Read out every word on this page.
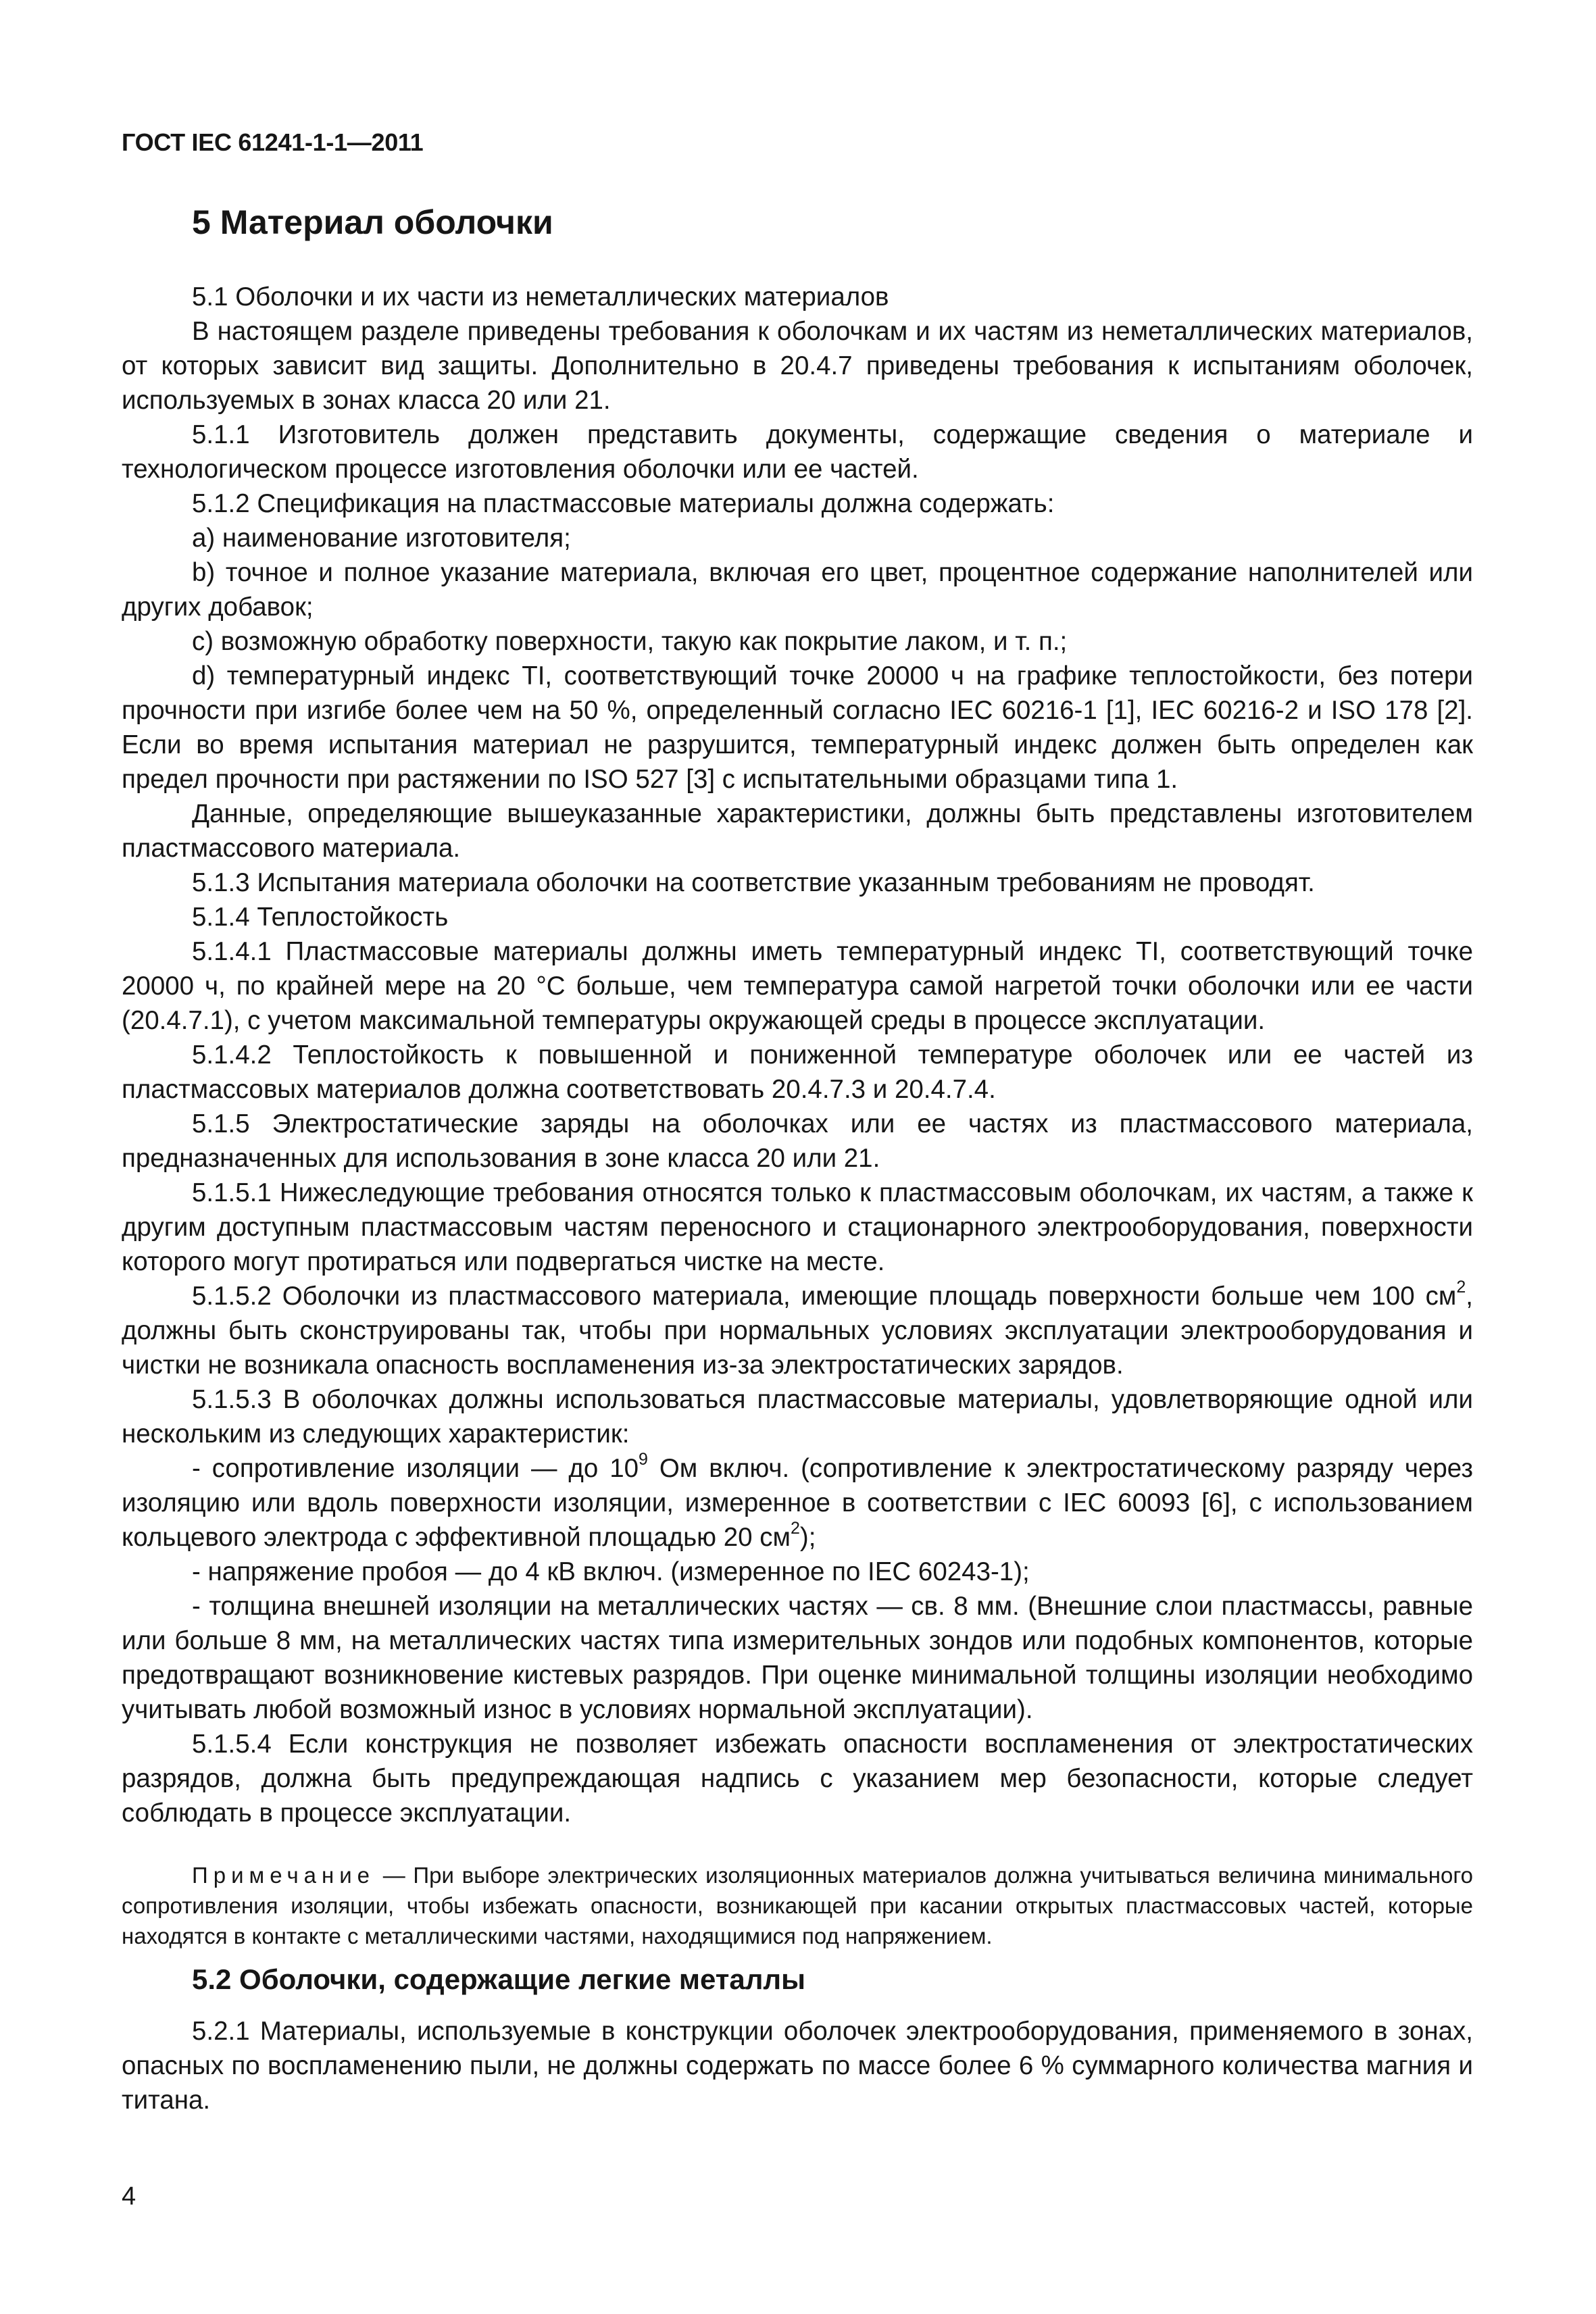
ГОСТ IEC 61241-1-1—2011
5 Материал оболочки

5.1 Оболочки и их части из неметаллических материалов

В настоящем разделе приведены требования к оболочкам и их частям из неметаллических материалов, от которых зависит вид защиты. Дополнительно в 20.4.7 приведены требования к испытаниям оболочек, используемых в зонах класса 20 или 21.

5.1.1 Изготовитель должен представить документы, содержащие сведения о материале и технологическом процессе изготовления оболочки или ее частей.

5.1.2 Спецификация на пластмассовые материалы должна содержать:

а) наименование изготовителя;

b) точное и полное указание материала, включая его цвет, процентное содержание наполнителей или других добавок;

с) возможную обработку поверхности, такую как покрытие лаком, и т. п.;

d) температурный индекс TI, соответствующий точке 20000 ч на графике теплостойкости, без потери прочности при изгибе более чем на 50 %, определенный согласно IEC 60216-1 [1], IEC 60216-2 и ISO 178 [2]. Если во время испытания материал не разрушится, температурный индекс должен быть определен как предел прочности при растяжении по ISO 527 [3] с испытательными образцами типа 1.

Данные, определяющие вышеуказанные характеристики, должны быть представлены изготовителем пластмассового материала.

5.1.3 Испытания материала оболочки на соответствие указанным требованиям не проводят.

5.1.4 Теплостойкость

5.1.4.1 Пластмассовые материалы должны иметь температурный индекс TI, соответствующий точке 20000 ч, по крайней мере на 20 °С больше, чем температура самой нагретой точки оболочки или ее части (20.4.7.1), с учетом максимальной температуры окружающей среды в процессе эксплуатации.

5.1.4.2 Теплостойкость к повышенной и пониженной температуре оболочек или ее частей из пластмассовых материалов должна соответствовать 20.4.7.3 и 20.4.7.4.

5.1.5 Электростатические заряды на оболочках или ее частях из пластмассового материала, предназначенных для использования в зоне класса 20 или 21.

5.1.5.1 Нижеследующие требования относятся только к пластмассовым оболочкам, их частям, а также к другим доступным пластмассовым частям переносного и стационарного электрооборудования, поверхности которого могут протираться или подвергаться чистке на месте.

5.1.5.2 Оболочки из пластмассового материала, имеющие площадь поверхности больше чем 100 $см^2$, должны быть сконструированы так, чтобы при нормальных условиях эксплуатации электрооборудования и чистки не возникала опасность воспламенения из-за электростатических зарядов.

5.1.5.3 В оболочках должны использоваться пластмассовые материалы, удовлетворяющие одной или нескольким из следующих характеристик:

- сопротивление изоляции — до $10^9$ Ом включ. (сопротивление к электростатическому разряду через изоляцию или вдоль поверхности изоляции, измеренное в соответствии с IEC 60093 [6], с использованием кольцевого электрода с эффективной площадью 20 $см^2$);

- напряжение пробоя — до 4 кВ включ. (измеренное по IEC 60243-1);

- толщина внешней изоляции на металлических частях — св. 8 мм. (Внешние слои пластмассы, равные или больше 8 мм, на металлических частях типа измерительных зондов или подобных компонентов, которые предотвращают возникновение кистевых разрядов. При оценке минимальной толщины изоляции необходимо учитывать любой возможный износ в условиях нормальной эксплуатации).

5.1.5.4 Если конструкция не позволяет избежать опасности воспламенения от электростатических разрядов, должна быть предупреждающая надпись с указанием мер безопасности, которые следует соблюдать в процессе эксплуатации.

Примечание — При выборе электрических изоляционных материалов должна учитываться величина минимального сопротивления изоляции, чтобы избежать опасности, возникающей при касании открытых пластмассовых частей, которые находятся в контакте с металлическими частями, находящимися под напряжением.

5.2 Оболочки, содержащие легкие металлы

5.2.1 Материалы, используемые в конструкции оболочек электрооборудования, применяемого в зонах, опасных по воспламенению пыли, не должны содержать по массе более 6 % суммарного количества магния и титана.

4
